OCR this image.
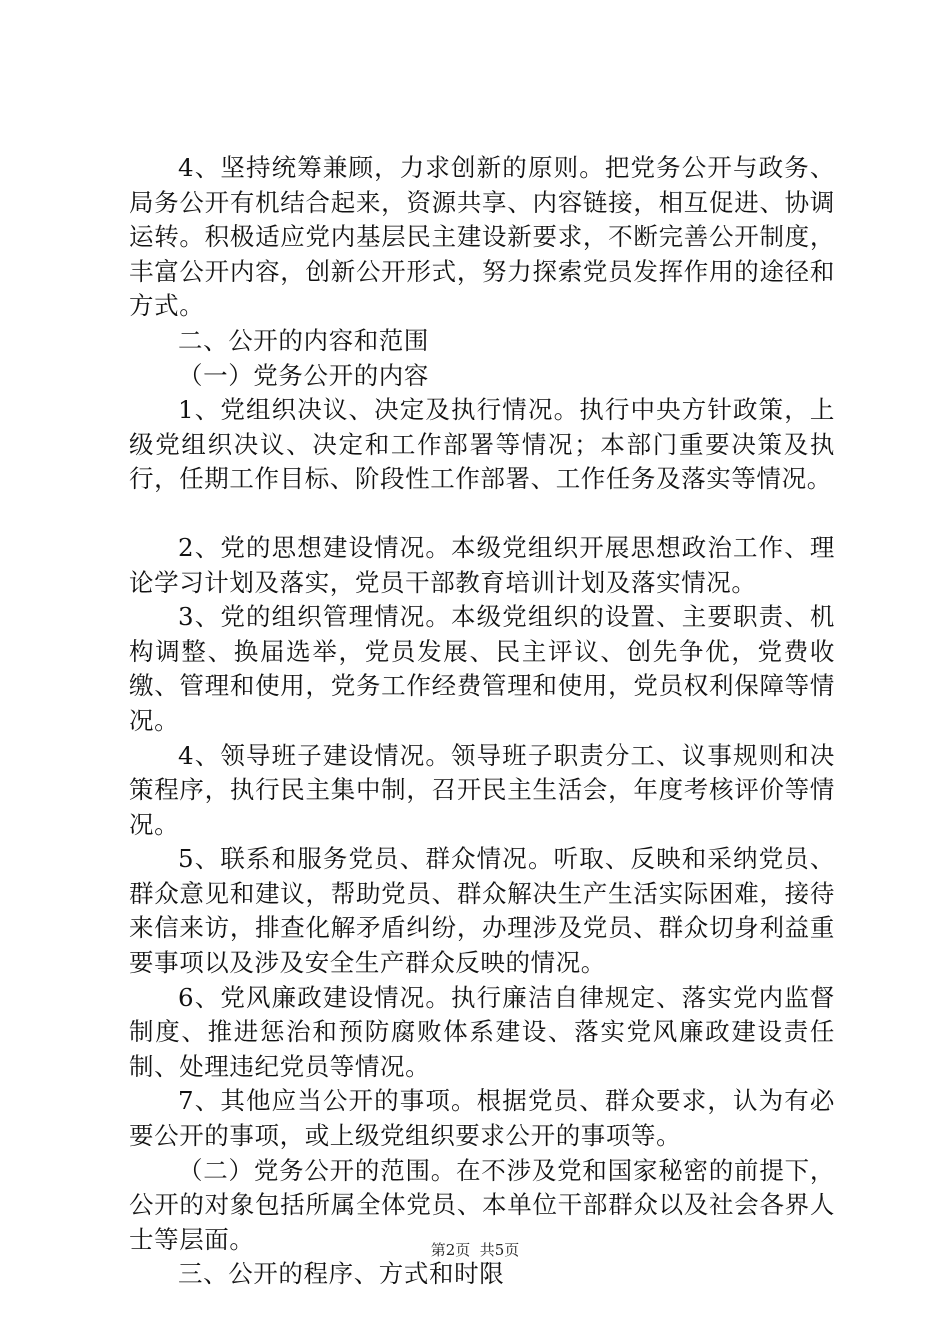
4、坚持统筹兼顾，力求创新的原则。把党务公开与政务、局务公开有机结合起来，资源共享、内容链接，相互促进、协调运转。积极适应党内基层民主建设新要求，不断完善公开制度，丰富公开内容，创新公开形式，努力探索党员发挥作用的途径和方式。

二、公开的内容和范围

（一）党务公开的内容

1、党组织决议、决定及执行情况。执行中央方针政策，上级党组织决议、决定和工作部署等情况；本部门重要决策及执行，任期工作目标、阶段性工作部署、工作任务及落实等情况。

2、党的思想建设情况。本级党组织开展思想政治工作、理论学习计划及落实，党员干部教育培训计划及落实情况。

3、党的组织管理情况。本级党组织的设置、主要职责、机构调整、换届选举，党员发展、民主评议、创先争优，党费收缴、管理和使用，党务工作经费管理和使用，党员权利保障等情况。

4、领导班子建设情况。领导班子职责分工、议事规则和决策程序，执行民主集中制，召开民主生活会，年度考核评价等情况。

5、联系和服务党员、群众情况。听取、反映和采纳党员、群众意见和建议，帮助党员、群众解决生产生活实际困难，接待来信来访，排查化解矛盾纠纷，办理涉及党员、群众切身利益重要事项以及涉及安全生产群众反映的情况。

6、党风廉政建设情况。执行廉洁自律规定、落实党内监督制度、推进惩治和预防腐败体系建设、落实党风廉政建设责任制、处理违纪党员等情况。

7、其他应当公开的事项。根据党员、群众要求，认为有必要公开的事项，或上级党组织要求公开的事项等。

（二）党务公开的范围。在不涉及党和国家秘密的前提下，公开的对象包括所属全体党员、本单位干部群众以及社会各界人士等层面。

三、公开的程序、方式和时限

第2页  共5页
